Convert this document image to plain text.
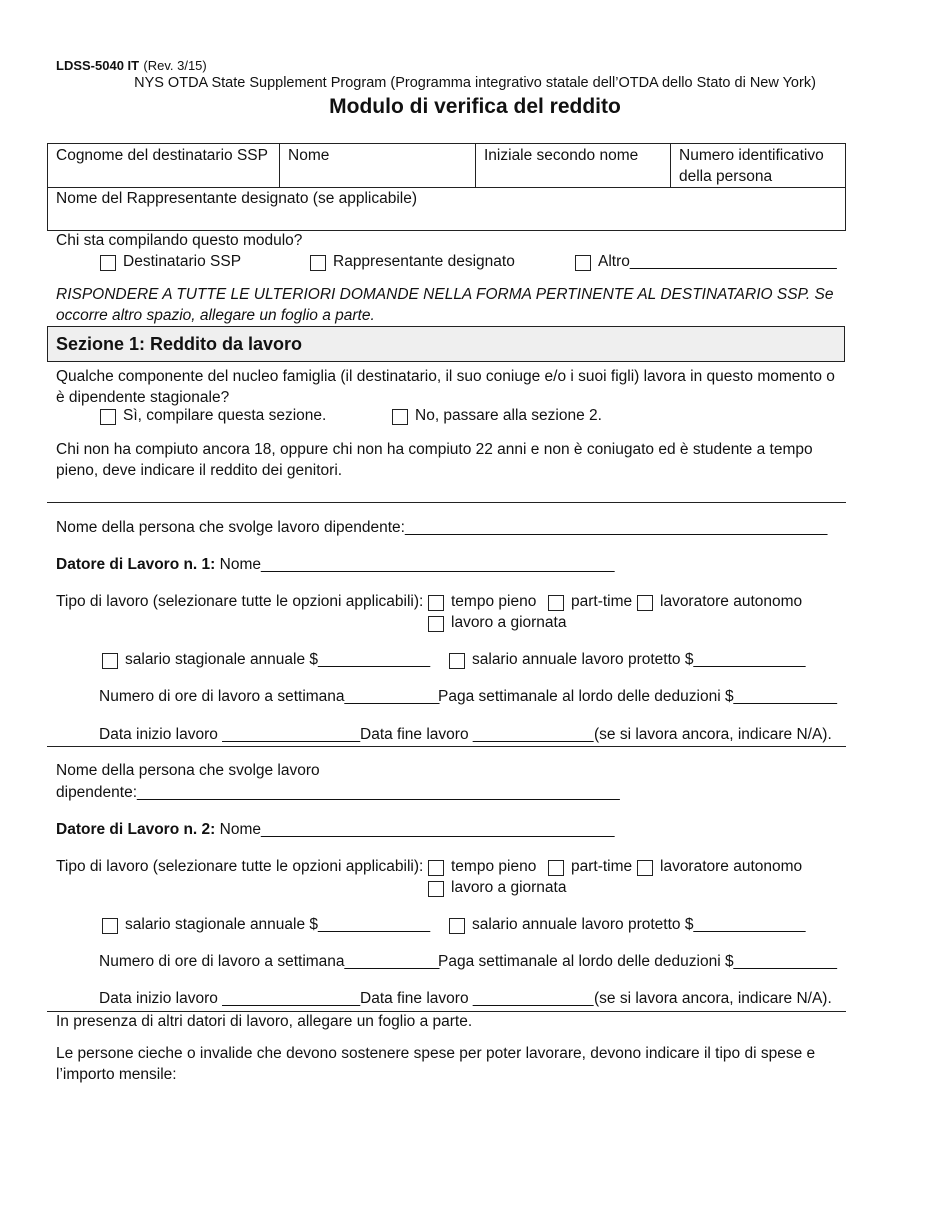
LDSS-5040 IT (Rev. 3/15)
NYS OTDA State Supplement Program (Programma integrativo statale dell’OTDA dello Stato di New York)
Modulo di verifica del reddito
Cognome del destinatario SSP	Nome	Iniziale secondo nome	Numero identificativo della persona
Nome del Rappresentante designato (se applicabile)
Chi sta compilando questo modulo?
Destinatario SSP	Rappresentante designato	Altro________________________
RISPONDERE A TUTTE LE ULTERIORI DOMANDE NELLA FORMA PERTINENTE AL DESTINATARIO SSP. Se occorre altro spazio, allegare un foglio a parte.
Sezione 1: Reddito da lavoro
Qualche componente del nucleo famiglia (il destinatario, il suo coniuge e/o i suoi figli) lavora in questo momento o è dipendente stagionale?
Sì, compilare questa sezione.	No, passare alla sezione 2.
Chi non ha compiuto ancora 18, oppure chi non ha compiuto 22 anni e non è coniugato ed è studente a tempo pieno, deve indicare il reddito dei genitori.
Nome della persona che svolge lavoro dipendente:_________________________________________________
Datore di Lavoro n. 1: Nome_________________________________________
Tipo di lavoro (selezionare tutte le opzioni applicabili): tempo pieno part-time lavoratore autonomo
lavoro a giornata
salario stagionale annuale $_____________	salario annuale lavoro protetto $_____________
Numero di ore di lavoro a settimana___________
Paga settimanale al lordo delle deduzioni $____________
Data inizio lavoro ________________ Data fine lavoro ______________ (se si lavora ancora, indicare N/A).
Nome della persona che svolge lavoro
dipendente:________________________________________________________
Datore di Lavoro n. 2: Nome_________________________________________
Tipo di lavoro (selezionare tutte le opzioni applicabili): tempo pieno part-time lavoratore autonomo
lavoro a giornata
salario stagionale annuale $_____________	salario annuale lavoro protetto $_____________
Numero di ore di lavoro a settimana___________
Paga settimanale al lordo delle deduzioni $____________
Data inizio lavoro ________________ Data fine lavoro ______________ (se si lavora ancora, indicare N/A).
In presenza di altri datori di lavoro, allegare un foglio a parte.
Le persone cieche o invalide che devono sostenere spese per poter lavorare, devono indicare il tipo di spese e l’importo mensile:
